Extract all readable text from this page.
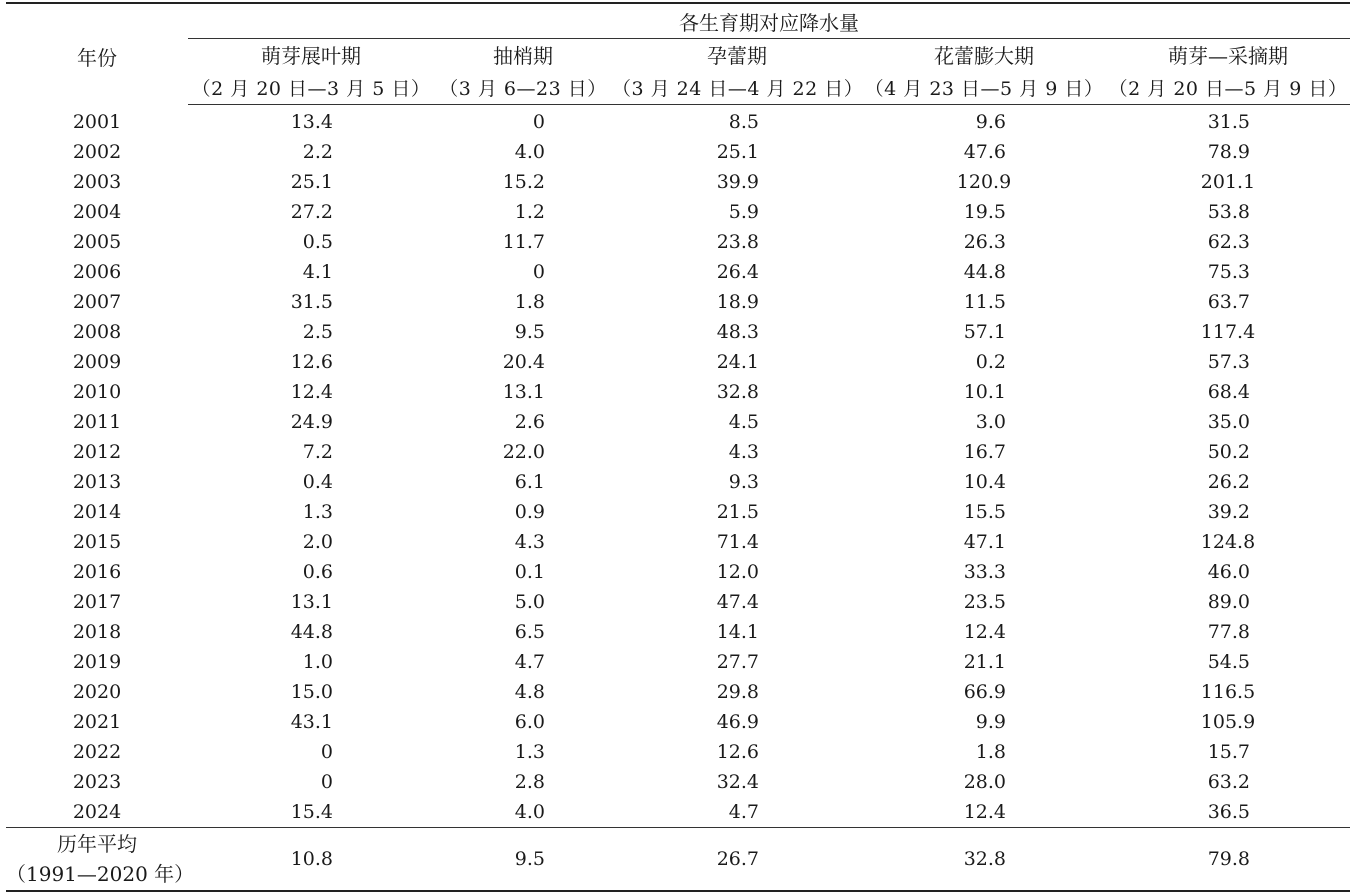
年份	各生育期对应降水量				
	萌芽展叶期	抽梢期	孕蕾期	花蕾膨大期	萌芽—采摘期
	（2 月 20 日—3 月 5 日）	（3 月 6—23 日）	（3 月 24 日—4 月 22 日）	（4 月 23 日—5 月 9 日）	（2 月 20 日—5 月 9 日）
2001	13.4	0	8.5	9.6	31.5
2002	2.2	4.0	25.1	47.6	78.9
2003	25.1	15.2	39.9	120.9	201.1
2004	27.2	1.2	5.9	19.5	53.8
2005	0.5	11.7	23.8	26.3	62.3
2006	4.1	0	26.4	44.8	75.3
2007	31.5	1.8	18.9	11.5	63.7
2008	2.5	9.5	48.3	57.1	117.4
2009	12.6	20.4	24.1	0.2	57.3
2010	12.4	13.1	32.8	10.1	68.4
2011	24.9	2.6	4.5	3.0	35.0
2012	7.2	22.0	4.3	16.7	50.2
2013	0.4	6.1	9.3	10.4	26.2
2014	1.3	0.9	21.5	15.5	39.2
2015	2.0	4.3	71.4	47.1	124.8
2016	0.6	0.1	12.0	33.3	46.0
2017	13.1	5.0	47.4	23.5	89.0
2018	44.8	6.5	14.1	12.4	77.8
2019	1.0	4.7	27.7	21.1	54.5
2020	15.0	4.8	29.8	66.9	116.5
2021	43.1	6.0	46.9	9.9	105.9
2022	0	1.3	12.6	1.8	15.7
2023	0	2.8	32.4	28.0	63.2
2024	15.4	4.0	4.7	12.4	36.5

历年平均
（1991—2020 年）	10.8	9.5	26.7	32.8	79.8
